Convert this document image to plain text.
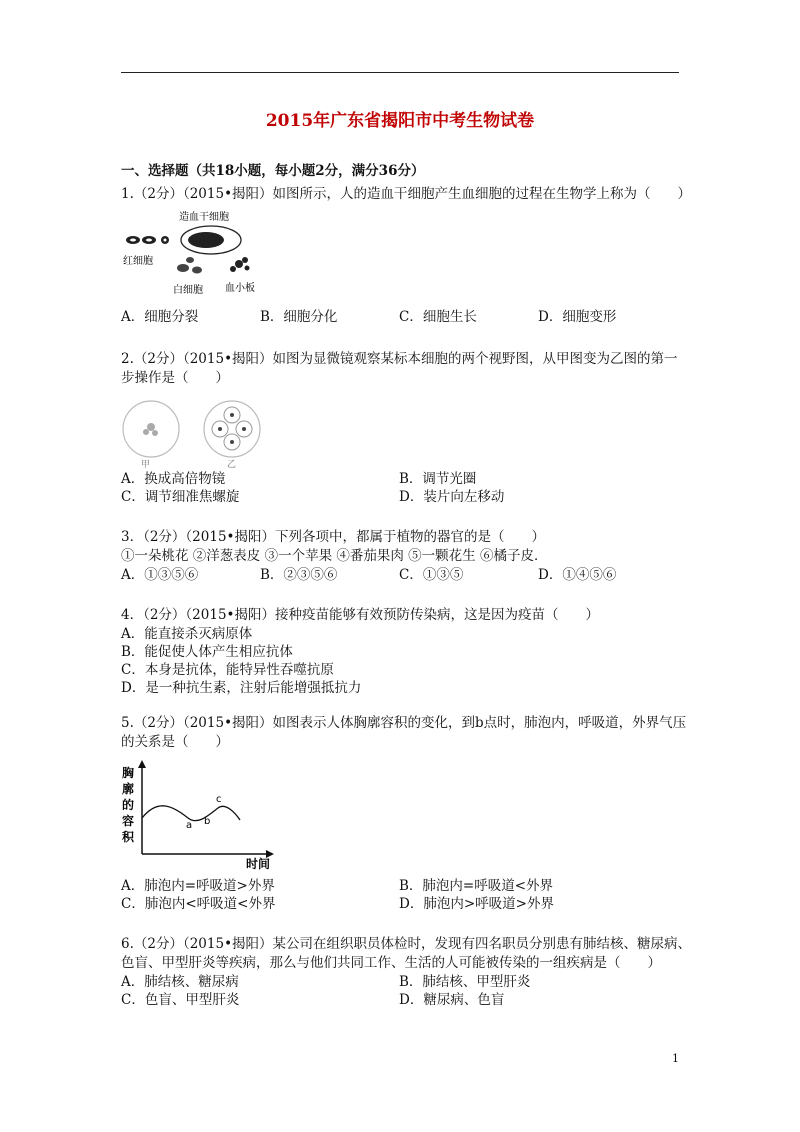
2015年广东省揭阳市中考生物试卷
一、选择题（共18小题，每小题2分，满分36分）
1.（2分）（2015•揭阳）如图所示，人的造血干细胞产生血细胞的过程在生物学上称为（　　）
造血干细胞
红细胞
白细胞 血小板
A．细胞分裂	B．细胞分化	C．细胞生长	D．细胞变形
2.（2分）（2015•揭阳）如图为显微镜观察某标本细胞的两个视野图，从甲图变为乙图的第一
步操作是（　　）
甲	乙
A．换成高倍物镜	B．调节光圈
C．调节细准焦螺旋	D．装片向左移动
3．（2分）（2015•揭阳）下列各项中，都属于植物的器官的是（　　）
①一朵桃花 ②洋葱表皮 ③一个苹果 ④番茄果肉 ⑤一颗花生 ⑥橘子皮．
A．①③⑤⑥	B．②③⑤⑥	C．①③⑤	D．①④⑤⑥
4．（2分）（2015•揭阳）接种疫苗能够有效预防传染病，这是因为疫苗（　　）
A．能直接杀灭病原体
B．能促使人体产生相应抗体
C．本身是抗体，能特异性吞噬抗原
D．是一种抗生素，注射后能增强抵抗力
5.（2分）（2015•揭阳）如图表示人体胸廓容积的变化，到b点时，肺泡内，呼吸道，外界气压
的关系是（　　）
胸
廓
的
容
积
时间
a b
c
A．肺泡内=呼吸道>外界	B．肺泡内=呼吸道<外界
C．肺泡内<呼吸道<外界	D．肺泡内>呼吸道>外界
6.（2分）（2015•揭阳）某公司在组织职员体检时，发现有四名职员分别患有肺结核、糖尿病、
色盲、甲型肝炎等疾病，那么与他们共同工作、生活的人可能被传染的一组疾病是（　　）
A．肺结核、糖尿病	B．肺结核、甲型肝炎
C．色盲、甲型肝炎	D．糖尿病、色盲
1
